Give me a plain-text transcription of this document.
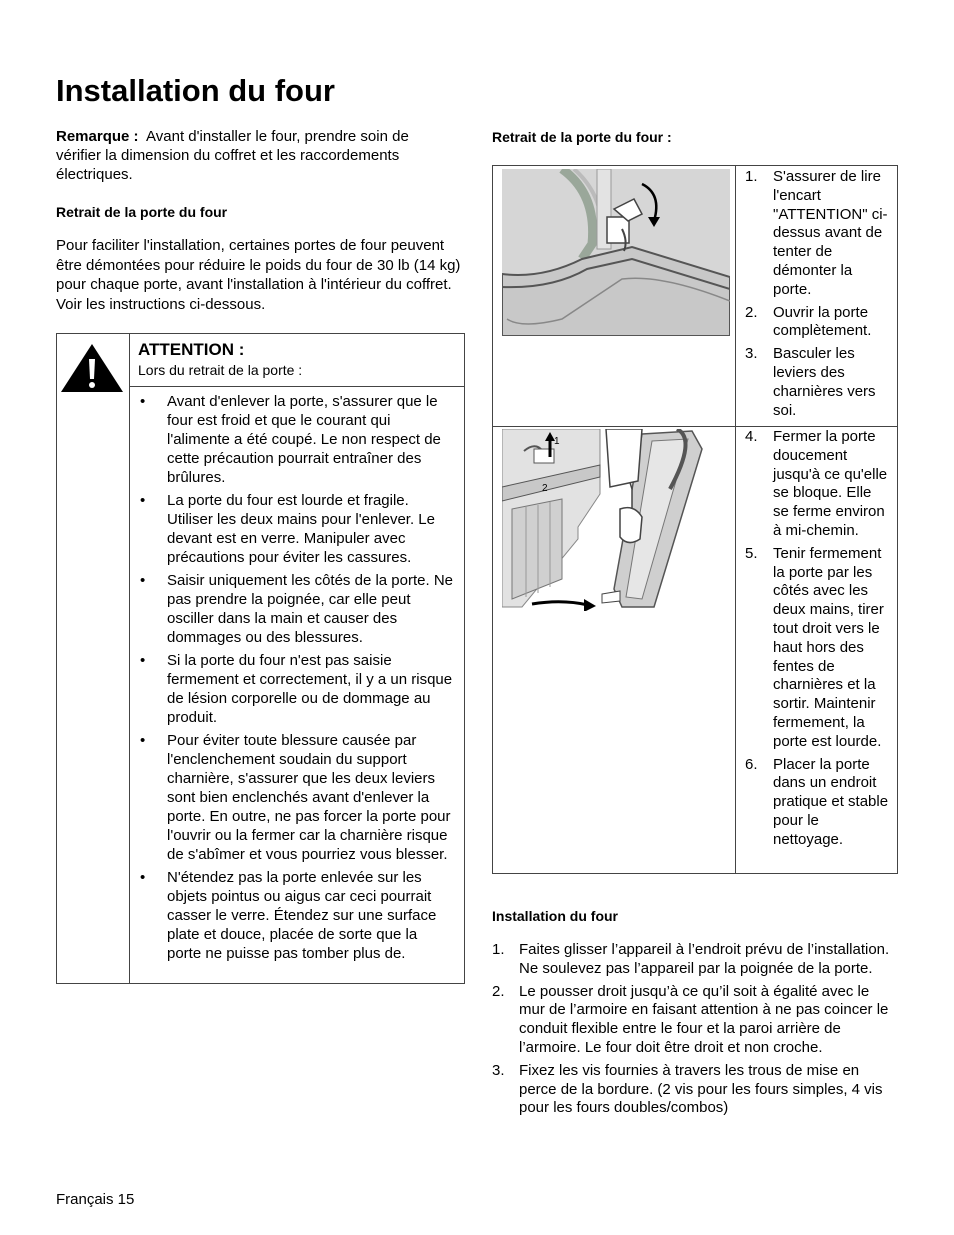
Installation du four

Remarque : Avant d'installer le four, prendre soin de vérifier la dimension du coffret et les raccordements électriques.

Retrait de la porte du four

Pour faciliter l'installation, certaines portes de four peuvent être démontées pour réduire le poids du four de 30 lb (14 kg) pour chaque porte, avant l'installation à l'intérieur du coffret. Voir les instructions ci-dessous.

ATTENTION :
Lors du retrait de la porte :
• Avant d'enlever la porte, s'assurer que le four est froid et que le courant qui l'alimente a été coupé. Le non respect de cette précaution pourrait entraîner des brûlures.
• La porte du four est lourde et fragile. Utiliser les deux mains pour l'enlever. Le devant est en verre. Manipuler avec précautions pour éviter les cassures.
• Saisir uniquement les côtés de la porte. Ne pas prendre la poignée, car elle peut osciller dans la main et causer des dommages ou des blessures.
• Si la porte du four n'est pas saisie fermement et correctement, il y a un risque de lésion corporelle ou de dommage au produit.
• Pour éviter toute blessure causée par l'enclenchement soudain du support charnière, s'assurer que les deux leviers sont bien enclenchés avant d'enlever la porte. En outre, ne pas forcer la porte pour l'ouvrir ou la fermer car la charnière risque de s'abîmer et vous pourriez vous blesser.
• N'étendez pas la porte enlevée sur les objets pointus ou aigus car ceci pourrait casser le verre. Étendez sur une surface plate et douce, placée de sorte que la porte ne puisse pas tomber plus de.
Retrait de la porte du four :
1
2
1. S'assurer de lire l'encart "ATTENTION" ci-dessus avant de tenter de démonter la porte.
2. Ouvrir la porte complètement.
3. Basculer les leviers des charnières vers soi.
4. Fermer la porte doucement jusqu'à ce qu'elle se bloque. Elle se ferme environ à mi-chemin.
5. Tenir fermement la porte par les côtés avec les deux mains, tirer tout droit vers le haut hors des fentes de charnières et la sortir. Maintenir fermement, la porte est lourde.
6. Placer la porte dans un endroit pratique et stable pour le nettoyage.
Installation du four
1. Faites glisser l’appareil à l’endroit prévu de l’installation. Ne soulevez pas l’appareil par la poignée de la porte.
2. Le pousser droit jusqu’à ce qu’il soit à égalité avec le mur de l’armoire en faisant attention à ne pas coincer le conduit flexible entre le four et la paroi arrière de l’armoire. Le four doit être droit et non croche.
3. Fixez les vis fournies à travers les trous de mise en perce de la bordure. (2 vis pour les fours simples, 4 vis pour les fours doubles/combos)
Français 15
